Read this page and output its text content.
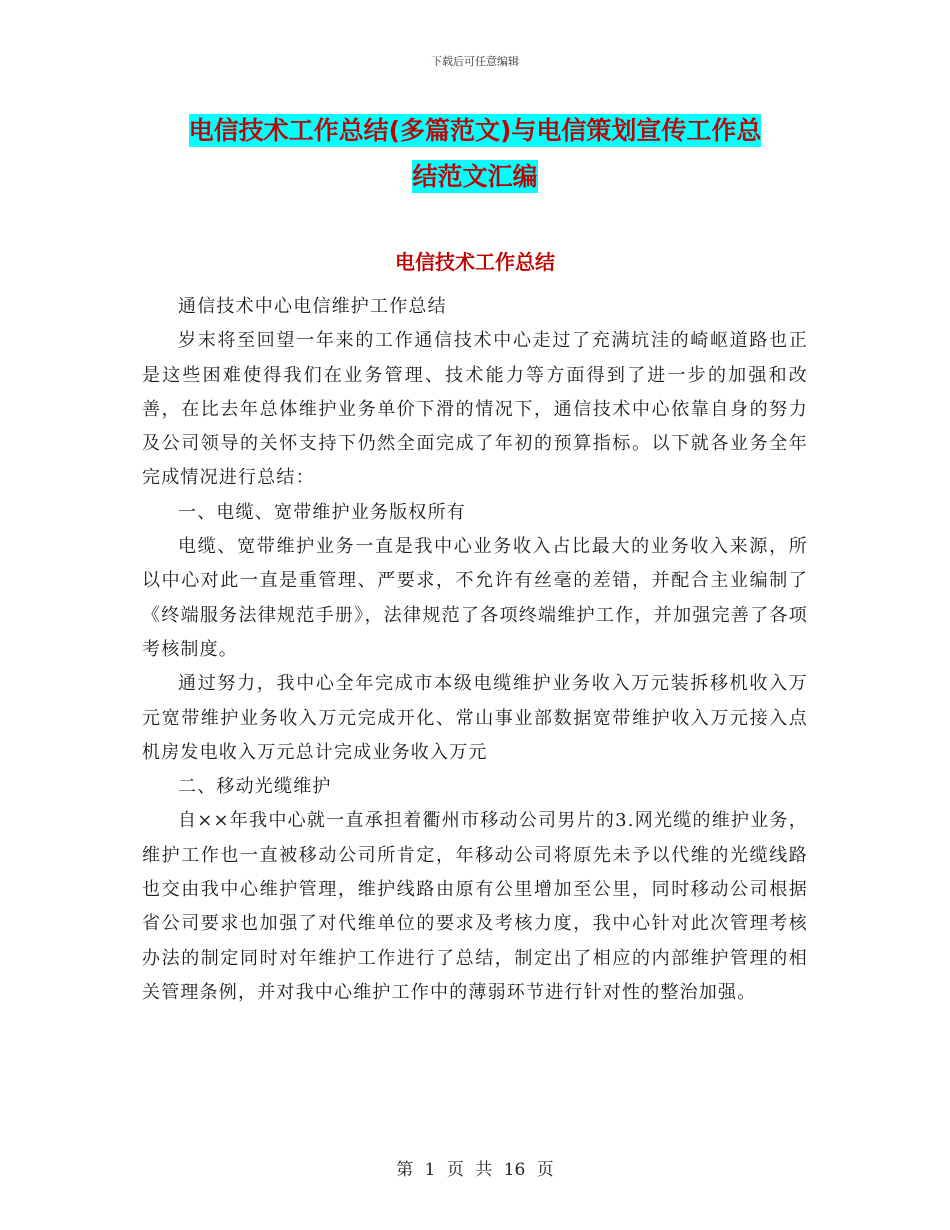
下载后可任意编辑
电信技术工作总结(多篇范文)与电信策划宣传工作总
结范文汇编
电信技术工作总结

通信技术中心电信维护工作总结

岁末将至回望一年来的工作通信技术中心走过了充满坑洼的崎岖道路也正是这些困难使得我们在业务管理、技术能力等方面得到了进一步的加强和改善，在比去年总体维护业务单价下滑的情况下，通信技术中心依靠自身的努力及公司领导的关怀支持下仍然全面完成了年初的预算指标。以下就各业务全年完成情况进行总结：

一、电缆、宽带维护业务版权所有

电缆、宽带维护业务一直是我中心业务收入占比最大的业务收入来源，所以中心对此一直是重管理、严要求，不允许有丝毫的差错，并配合主业编制了《终端服务法律规范手册》，法律规范了各项终端维护工作，并加强完善了各项考核制度。

通过努力，我中心全年完成市本级电缆维护业务收入万元装拆移机收入万元宽带维护业务收入万元完成开化、常山事业部数据宽带维护收入万元接入点机房发电收入万元总计完成业务收入万元

二、移动光缆维护

自××年我中心就一直承担着衢州市移动公司男片的3.网光缆的维护业务，维护工作也一直被移动公司所肯定，年移动公司将原先未予以代维的光缆线路也交由我中心维护管理，维护线路由原有公里增加至公里，同时移动公司根据省公司要求也加强了对代维单位的要求及考核力度，我中心针对此次管理考核办法的制定同时对年维护工作进行了总结，制定出了相应的内部维护管理的相关管理条例，并对我中心维护工作中的薄弱环节进行针对性的整治加强。

第 1 页 共 16 页
